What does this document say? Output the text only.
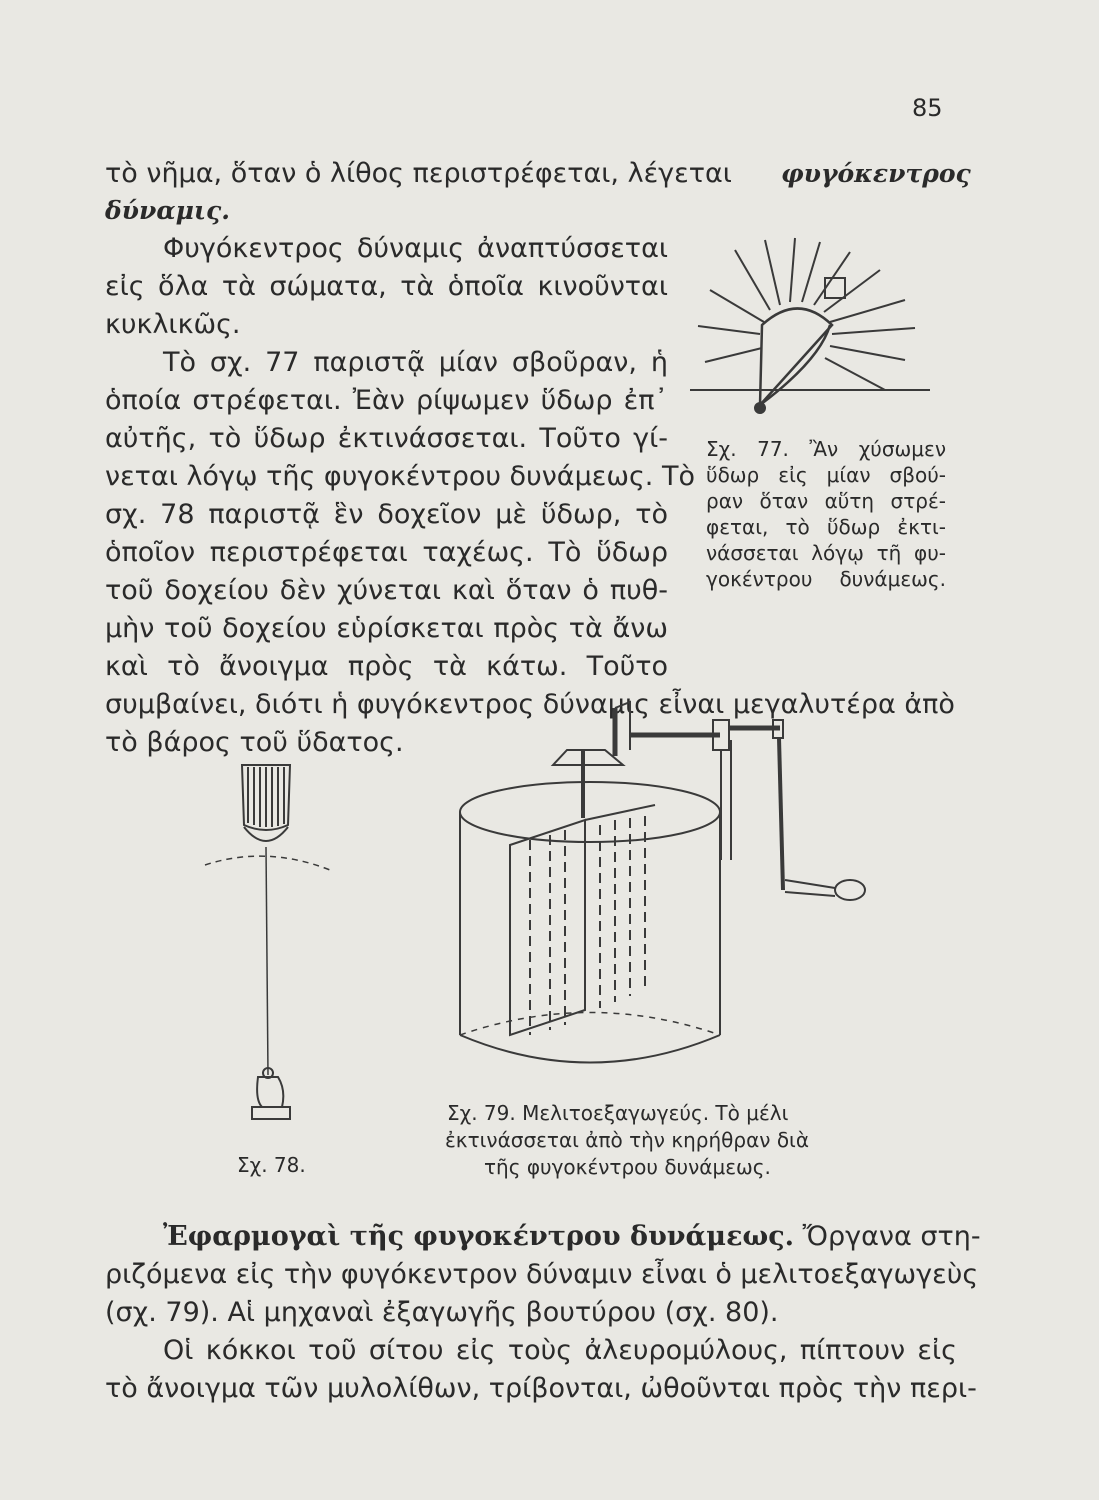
85
τὸ νῆμα, ὅταν ὁ λίθος περιστρέφεται, λέγεται φυγόκεντρος
δύναμις.
Φυγόκεντρος δύναμις ἀναπτύσσεται
εἰς ὅλα τὰ σώματα, τὰ ὁποῖα κινοῦνται
κυκλικῶς.
Τὸ σχ. 77 παριστᾷ μίαν σβοῦραν, ἡ
ὁποία στρέφεται. Ἐὰν ρίψωμεν ὕδωρ ἐπ᾽
αὐτῆς, τὸ ὕδωρ ἐκτινάσσεται. Τοῦτο γί-
νεται λόγῳ τῆς φυγοκέντρου δυνάμεως. Τὸ
σχ. 78 παριστᾷ ἓν δοχεῖον μὲ ὕδωρ, τὸ
ὁποῖον περιστρέφεται ταχέως. Τὸ ὕδωρ
τοῦ δοχείου δὲν χύνεται καὶ ὅταν ὁ πυθ-
μὴν τοῦ δοχείου εὑρίσκεται πρὸς τὰ ἄνω
καὶ τὸ ἄνοιγμα πρὸς τὰ κάτω. Τοῦτο
συμβαίνει, διότι ἡ φυγόκεντρος δύναμις εἶναι μεγαλυτέρα ἀπὸ
τὸ βάρος τοῦ ὕδατος.
Σχ. 77. Ἂν χύσωμεν
ὕδωρ εἰς μίαν σβού-
ραν ὅταν αὕτη στρέ-
φεται, τὸ ὕδωρ ἐκτι-
νάσσεται λόγῳ τῆ φυ-
γοκέντρου δυνάμεως.
Σχ. 78.
Σχ. 79. Μελιτοεξαγωγεύς. Τὸ μέλι
ἐκτινάσσεται ἀπὸ τὴν κηρήθραν διὰ
τῆς φυγοκέντρου δυνάμεως.
Ἐφαρμογαὶ τῆς φυγοκέντρου δυνάμεως. Ὄργανα στη-
ριζόμενα εἰς τὴν φυγόκεντρον δύναμιν εἶναι ὁ μελιτοεξαγωγεὺς
(σχ. 79). Αἱ μηχαναὶ ἐξαγωγῆς βουτύρου (σχ. 80).
Οἱ κόκκοι τοῦ σίτου εἰς τοὺς ἀλευρομύλους, πίπτουν εἰς
τὸ ἄνοιγμα τῶν μυλολίθων, τρίβονται, ὠθοῦνται πρὸς τὴν περι-
